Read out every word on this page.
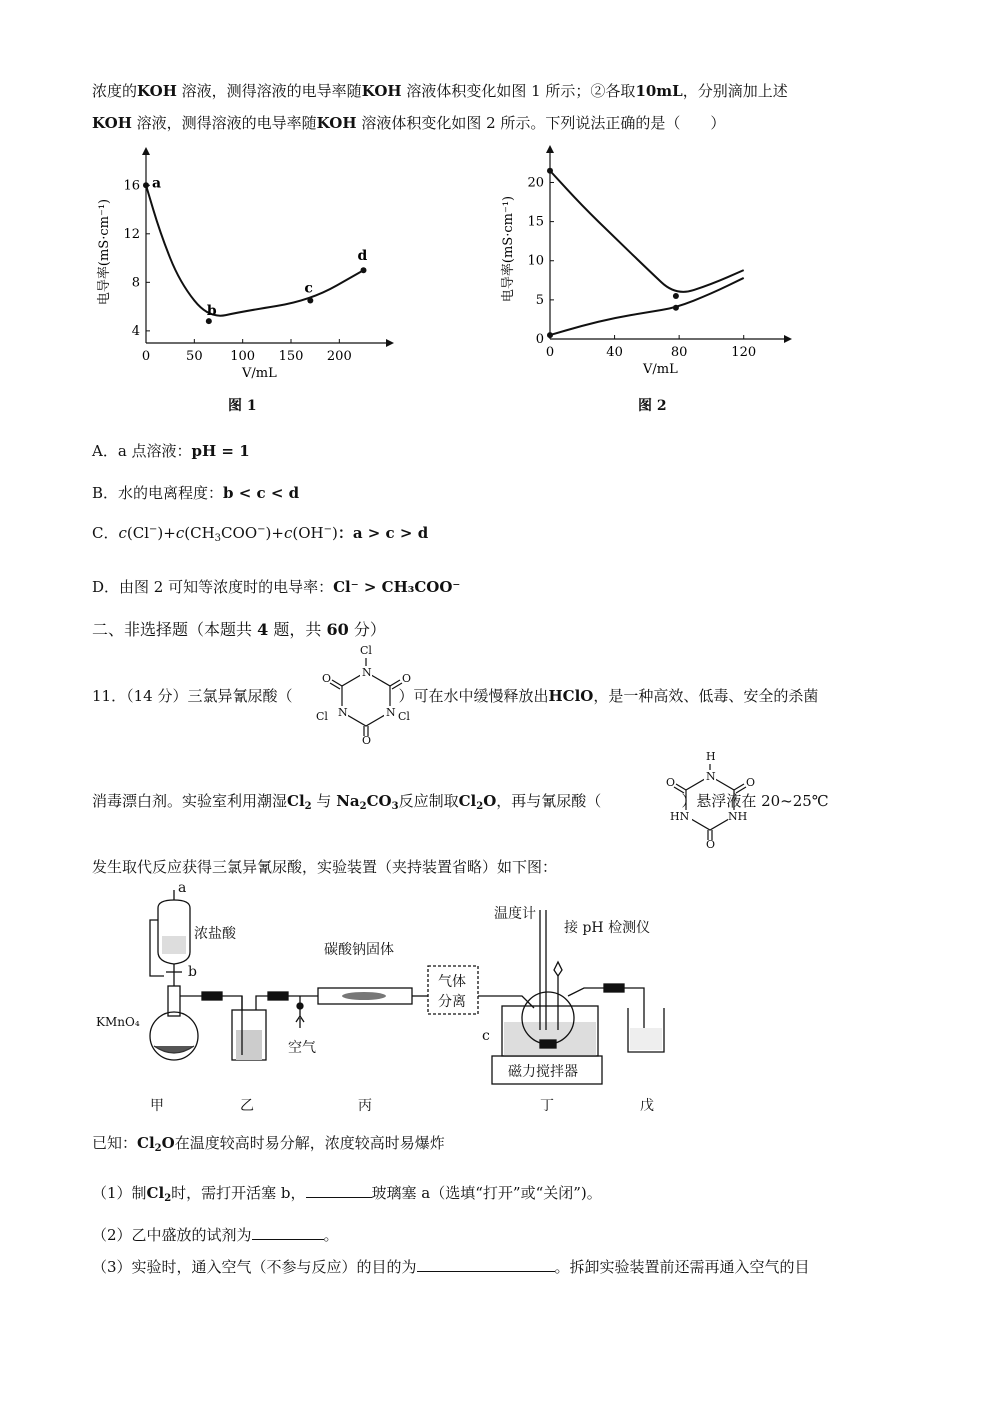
浓度的KOH 溶液，测得溶液的电导率随KOH 溶液体积变化如图 1 所示；②各取10mL，分别滴加上述
KOH 溶液，测得溶液的电导率随KOH 溶液体积变化如图 2 所示。下列说法正确的是（　　）
0	50 100 150 200
4
8
12
16
V/mL
电导率(mS·cm⁻¹)
a
b
c
d
0	40	80	120
0
5
10
15
20
V/mL
电导率(mS·cm⁻¹)
图 1	图 2
A．a 点溶液：pH = 1
B．水的电离程度：b < c < d
C．$c(Cl^-)+c(CH_3COO^-)+c(OH^-)$：a > c > d
D．由图 2 可知等浓度时的电导率：Cl⁻ > CH₃COO⁻
二、非选择题（本题共 4 题，共 60 分）
11．（14 分）三氯异氰尿酸（	）可在水中缓慢释放出HClO，是一种高效、低毒、安全的杀菌
N
N	N
Cl
Cl	Cl
O	O
O
消毒漂白剂。实验室利用潮湿$Cl_2$ 与 $Na_2CO_3$反应制取$Cl_2O$，再与氰尿酸（	）悬浮液在 20~25℃
N
HN	NH
H
O	O
O
发生取代反应获得三氯异氰尿酸，实验装置（夹持装置省略）如下图：
a
b
c
浓盐酸
KMnO₄
空气
碳酸钠固体
气体
分离
温度计
接 pH 检测仪
磁力搅拌器
甲	乙	丙	丁	戊
已知：$Cl_2O$在温度较高时易分解，浓度较高时易爆炸
（1）制$Cl_2$时，需打开活塞 b，	玻璃塞 a（选填“打开”或“关闭”)。
（2）乙中盛放的试剂为	。
（3）实验时，通入空气（不参与反应）的目的为	。拆卸实验装置前还需再通入空气的目
